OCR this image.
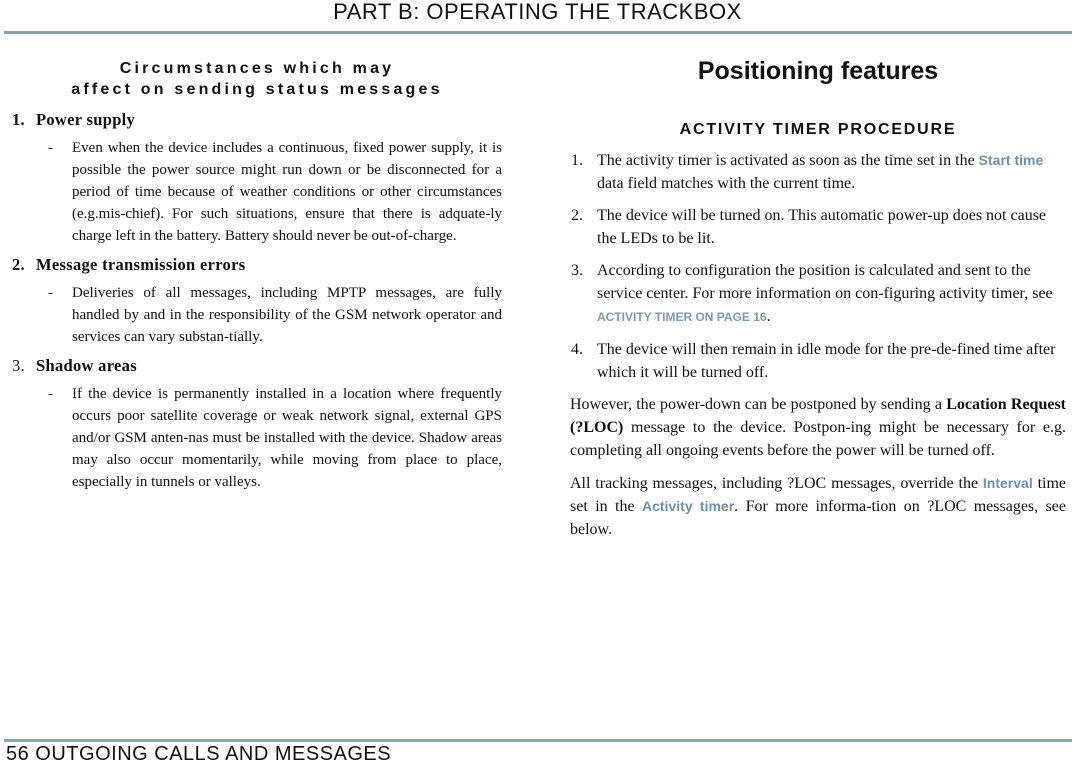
PART B: OPERATING THE TRACKBOX
Circumstances which may
affect on sending status messages
1. Power supply
- Even when the device includes a continuous, fixed power supply, it is possible the power source might run down or be disconnected for a period of time because of weather conditions or other circumstances (e.g.mis-chief). For such situations, ensure that there is adquate-ly charge left in the battery. Battery should never be out-of-charge.
2. Message transmission errors
- Deliveries of all messages, including MPTP messages, are fully handled by and in the responsibility of the GSM network operator and services can vary substan-tially.
3. Shadow areas
- If the device is permanently installed in a location where frequently occurs poor satellite coverage or weak network signal, external GPS and/or GSM anten-nas must be installed with the device. Shadow areas may also occur momentarily, while moving from place to place, especially in tunnels or valleys.
Positioning features
ACTIVITY TIMER PROCEDURE
1. The activity timer is activated as soon as the time set in the Start time data field matches with the current time.
2. The device will be turned on. This automatic power-up does not cause the LEDs to be lit.
3. According to configuration the position is calculated and sent to the service center. For more information on con-figuring activity timer, see ACTIVITY TIMER ON PAGE 16.
4. The device will then remain in idle mode for the pre-de-fined time after which it will be turned off.
However, the power-down can be postponed by sending a Location Request (?LOC) message to the device. Postpon-ing might be necessary for e.g. completing all ongoing events before the power will be turned off.
All tracking messages, including ?LOC messages, override the Interval time set in the Activity timer. For more informa-tion on ?LOC messages, see below.
56 OUTGOING CALLS AND MESSAGES
